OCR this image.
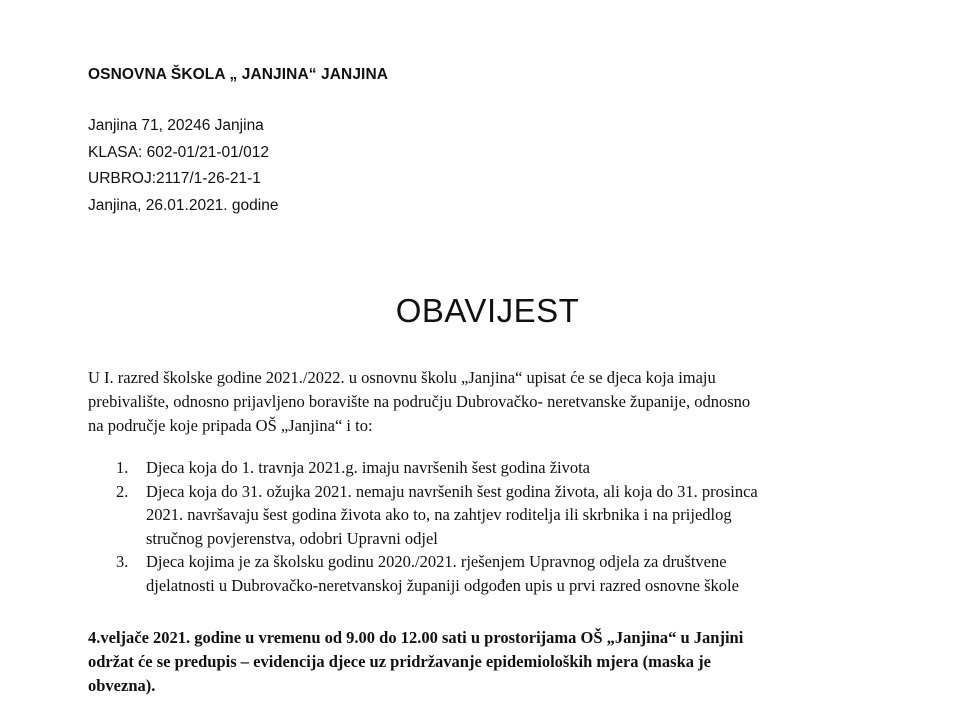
OSNOVNA ŠKOLA „ JANJINA“ JANJINA
Janjina 71, 20246 Janjina
KLASA: 602-01/21-01/012
URBROJ:2117/1-26-21-1
Janjina, 26.01.2021. godine
OBAVIJEST
U I. razred školske godine 2021./2022. u osnovnu školu „Janjina“ upisat će se djeca koja imaju
prebivalište, odnosno prijavljeno boravište na području Dubrovačko- neretvanske županije, odnosno
na područje koje pripada OŠ „Janjina“ i to:
1. Djeca koja do 1. travnja 2021.g. imaju navršenih šest godina života
2. Djeca koja do 31. ožujka 2021. nemaju navršenih šest godina života, ali koja do 31. prosinca
2021. navršavaju šest godina života ako to, na zahtjev roditelja ili skrbnika i na prijedlog
stručnog povjerenstva, odobri Upravni odjel
3. Djeca kojima je za školsku godinu 2020./2021. rješenjem Upravnog odjela za društvene
djelatnosti u Dubrovačko-neretvanskoj županiji odgođen upis u prvi razred osnovne škole
4.veljače 2021. godine u vremenu od 9.00 do 12.00 sati u prostorijama OŠ „Janjina“ u Janjini
održat će se predupis – evidencija djece uz pridržavanje epidemioloških mjera (maska je
obvezna).
